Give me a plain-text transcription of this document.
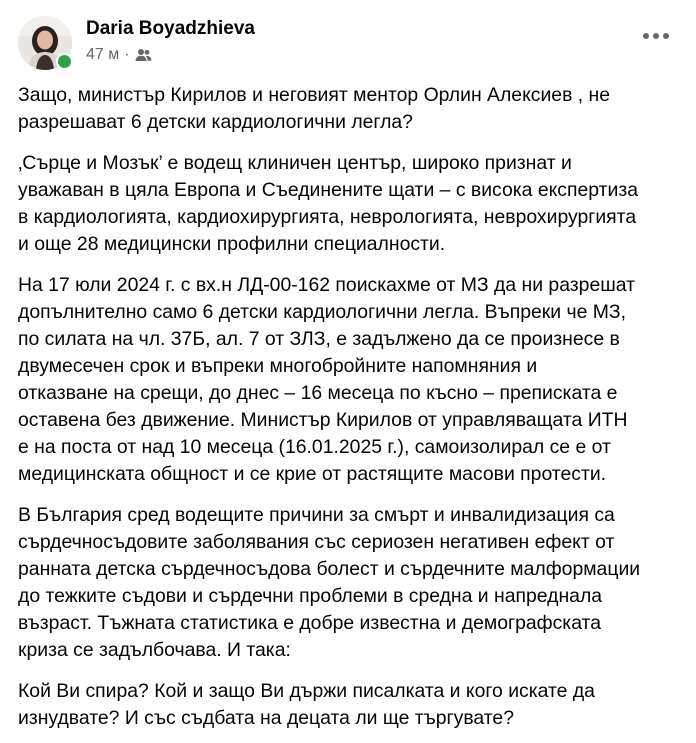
Daria Boyadzhieva
47 м ·

Защо, министър Кирилов и неговият ментор Орлин Алексиев , не
разрешават 6 детски кардиологични легла?

‚Сърце и Мозък’ е водещ клиничен център, широко признат и
уважаван в цяла Европа и Съединените щати – с висока експертиза
в кардиологията, кардиохирургията, неврологията, неврохирургията
и още 28 медицински профилни специалности.

На 17 юли 2024 г. с вх.н ЛД-00-162 поискахме от МЗ да ни разрешат
допълнително само 6 детски кардиологични легла. Въпреки че МЗ,
по силата на чл. 37Б, ал. 7 от ЗЛЗ, е задължено да се произнесе в
двумесечен срок и въпреки многобройните напомняния и
отказване на срещи, до днес – 16 месеца по късно – преписката е
оставена без движение. Министър Кирилов от управляващата ИТН
е на поста от над 10 месеца (16.01.2025 г.), самоизолирал се е от
медицинската общност и се крие от растящите масови протести.

В България сред водещите причини за смърт и инвалидизация са
сърдечносъдовите заболявания със сериозен негативен ефект от
ранната детска сърдечносъдова болест и сърдечните малформации
до тежките съдови и сърдечни проблеми в средна и напреднала
възраст. Тъжната статистика е добре известна и демографската
криза се задълбочава. И така:

Кой Ви спира? Кой и защо Ви държи писалката и кого искате да
изнудвате? И със съдбата на децата ли ще търгувате?
